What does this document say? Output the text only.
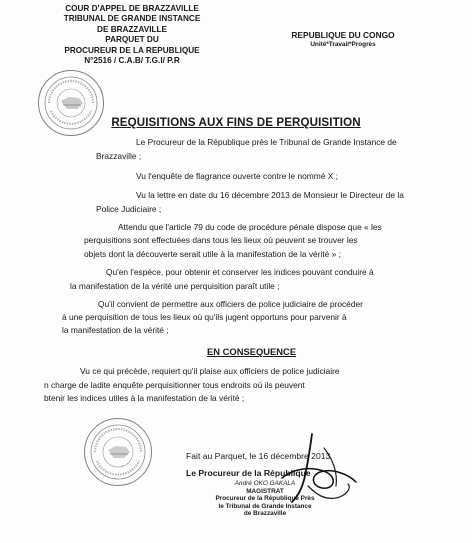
COUR D'APPEL DE BRAZZAVILLE
TRIBUNAL DE GRANDE INSTANCE
DE BRAZZAVILLE
PARQUET DU
PROCUREUR DE LA REPUBLIQUE
N°2516 / C.A.B/ T.G.I/ P.R
REPUBLIQUE DU CONGO
Unité*Travail*Progrès
REQUISITIONS AUX FINS DE PERQUISITION
Le Procureur de la République près le Tribunal de Grande Instance de
Brazzaville ;
Vu l'enquête de flagrance ouverte contre le nommé X ;
Vu la lettre en date du 16 décembre 2013 de Monsieur le Directeur de la
Police Judiciaire ;
Attendu que l'article 79 du code de procédure pénale dispose que « les
perquisitions sont effectuées dans tous les lieux où peuvent se trouver les
objets dont la découverte serait utile à la manifestation de la vérité » ;
Qu'en l'espèce, pour obtenir et conserver les indices pouvant conduire à
la manifestation de la vérité une perquisition paraît utile ;
Qu'il convient de permettre aux officiers de police judiciaire de procéder
à une perquisition de tous les lieux où qu'ils jugent opportuns pour parvenir à
la manifestation de la vérité ;
EN CONSEQUENCE
Vu ce qui précède, requiert qu'il plaise aux officiers de police judiciaire
n charge de ladite enquête perquisitionner tous endroits où ils peuvent
btenir les indices utiles à la manifestation de la vérité ;
Fait au Parquet, le 16 décembre 2013
Le Procureur de la République
André OKO GAKALA
MAGISTRAT
Procureur de la République Près
le Tribunal de Grande Instance
de Brazzaville
